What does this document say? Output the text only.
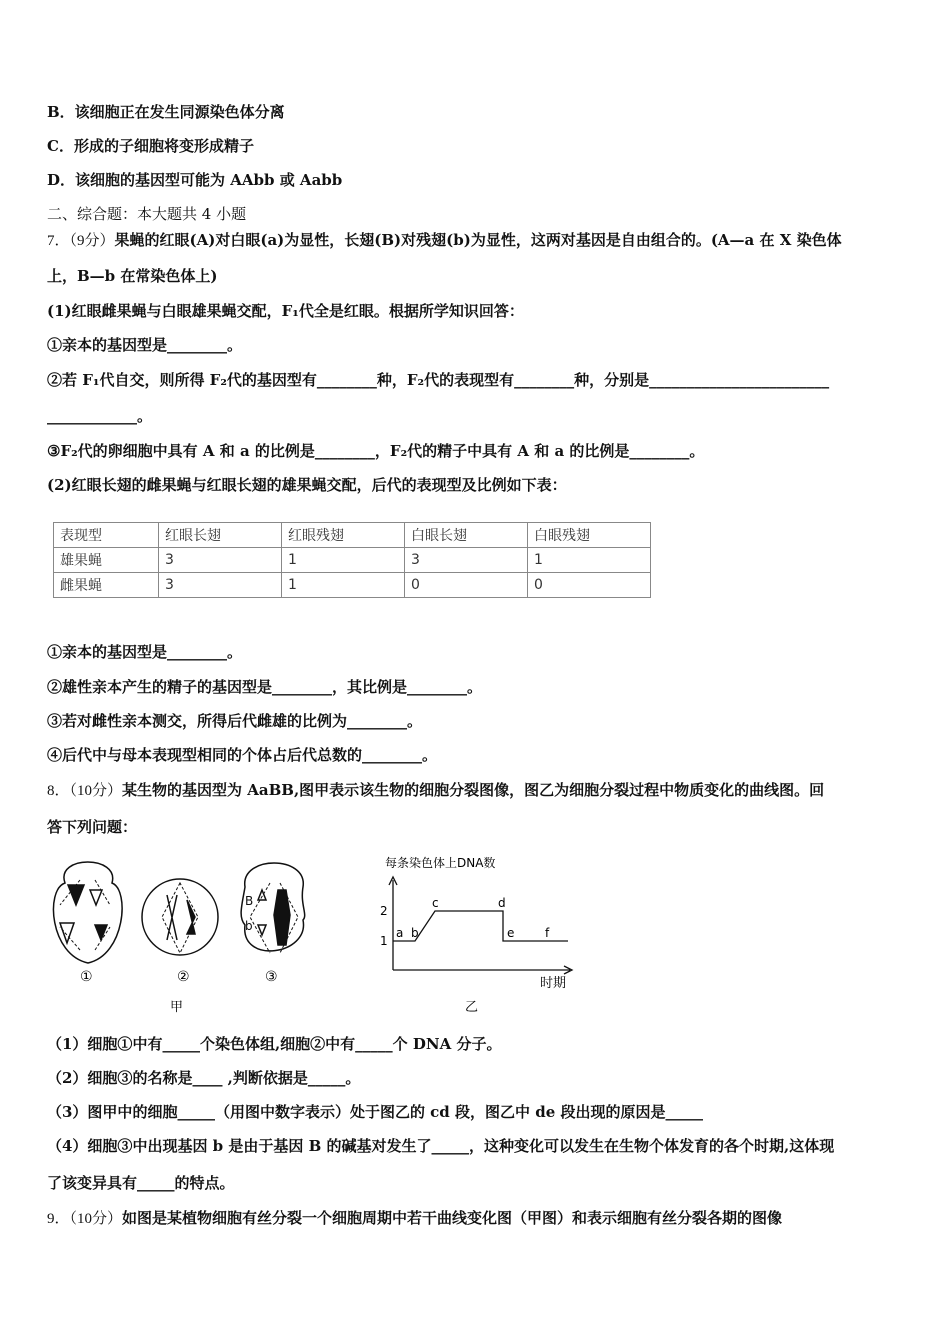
B．该细胞正在发生同源染色体分离
C．形成的子细胞将变形成精子
D．该细胞的基因型可能为 AAbb 或 Aabb
二、综合题：本大题共 4 小题
7．（9分）果蝇的红眼(A)对白眼(a)为显性，长翅(B)对残翅(b)为显性，这两对基因是自由组合的。(A—a 在 X 染色体
上，B—b 在常染色体上)
(1)红眼雌果蝇与白眼雄果蝇交配，F₁代全是红眼。根据所学知识回答：
①亲本的基因型是________。
②若 F₁代自交，则所得 F₂代的基因型有________种，F₂代的表现型有________种，分别是________________________
____________。
③F₂代的卵细胞中具有 A 和 a 的比例是________，F₂代的精子中具有 A 和 a 的比例是________。
(2)红眼长翅的雌果蝇与红眼长翅的雄果蝇交配，后代的表现型及比例如下表：
表现型	红眼长翅	红眼残翅	白眼长翅	白眼残翅
雄果蝇	3	1	3	1
雌果蝇	3	1	0	0
①亲本的基因型是________。
②雄性亲本产生的精子的基因型是________，其比例是________。
③若对雌性亲本测交，所得后代雌雄的比例为________。
④后代中与母本表现型相同的个体占后代总数的________。
8．（10分）某生物的基因型为 AaBB,图甲表示该生物的细胞分裂图像，图乙为细胞分裂过程中物质变化的曲线图。回
答下列问题：
B
b
①	②	③
甲
每条染色体上DNA数
时期
1
2
a b
c	d
e	f
乙
（1）细胞①中有_____个染色体组,细胞②中有_____个 DNA 分子。
（2）细胞③的名称是____ ,判断依据是_____。
（3）图甲中的细胞_____（用图中数字表示）处于图乙的 cd 段，图乙中 de 段出现的原因是_____
（4）细胞③中出现基因 b 是由于基因 B 的碱基对发生了_____，这种变化可以发生在生物个体发育的各个时期,这体现
了该变异具有_____的特点。
9．（10分）如图是某植物细胞有丝分裂一个细胞周期中若干曲线变化图（甲图）和表示细胞有丝分裂各期的图像
